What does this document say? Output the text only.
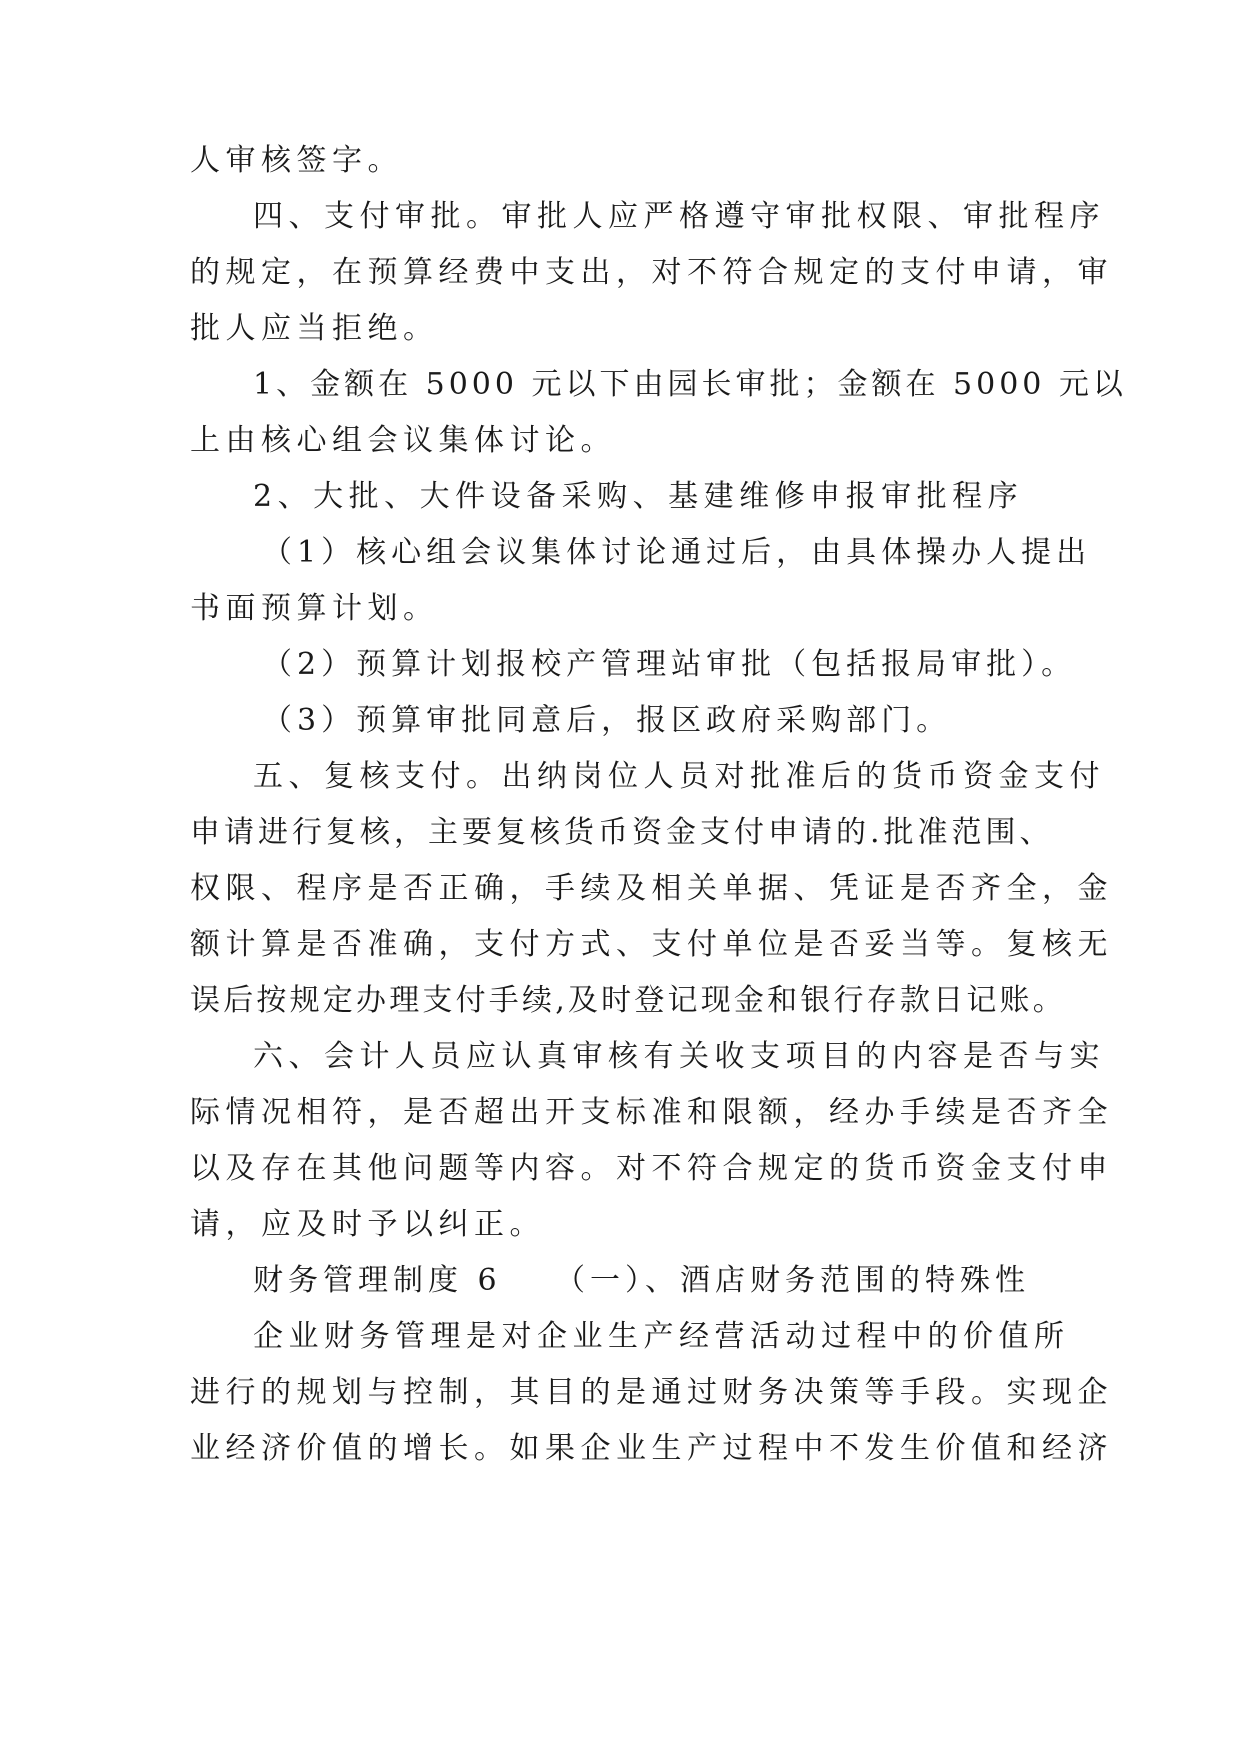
人审核签字。
四、支付审批。审批人应严格遵守审批权限、审批程序
的规定，在预算经费中支出，对不符合规定的支付申请，审
批人应当拒绝。
1、金额在 5000 元以下由园长审批；金额在 5000 元以
上由核心组会议集体讨论。
2、大批、大件设备采购、基建维修申报审批程序
（1）核心组会议集体讨论通过后，由具体操办人提出
书面预算计划。
（2）预算计划报校产管理站审批（包括报局审批）。
（3）预算审批同意后，报区政府采购部门。
五、复核支付。出纳岗位人员对批准后的货币资金支付
申请进行复核，主要复核货币资金支付申请的.批准范围、
权限、程序是否正确，手续及相关单据、凭证是否齐全，金
额计算是否准确，支付方式、支付单位是否妥当等。复核无
误后按规定办理支付手续,及时登记现金和银行存款日记账。
六、会计人员应认真审核有关收支项目的内容是否与实
际情况相符，是否超出开支标准和限额，经办手续是否齐全
以及存在其他问题等内容。对不符合规定的货币资金支付申
请，应及时予以纠正。
财务管理制度 6 （一）、酒店财务范围的特殊性
企业财务管理是对企业生产经营活动过程中的价值所
进行的规划与控制，其目的是通过财务决策等手段。实现企
业经济价值的增长。如果企业生产过程中不发生价值和经济
